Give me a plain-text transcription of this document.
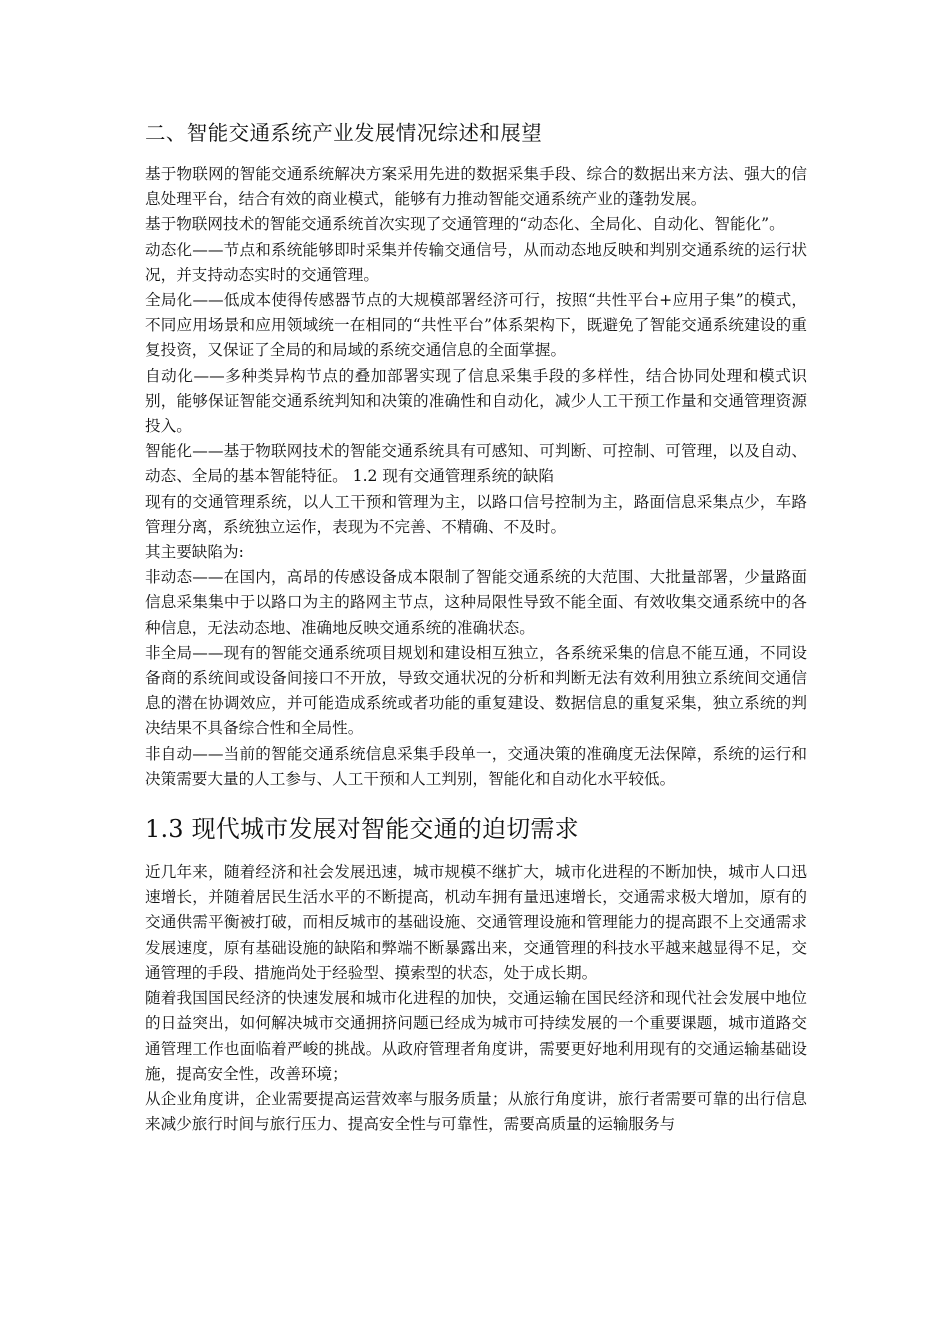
二、智能交通系统产业发展情况综述和展望

基于物联网的智能交通系统解决方案采用先进的数据采集手段、综合的数据出来方法、强大的信息处理平台，结合有效的商业模式，能够有力推动智能交通系统产业的蓬勃发展。

基于物联网技术的智能交通系统首次实现了交通管理的“动态化、全局化、自动化、智能化”。

动态化——节点和系统能够即时采集并传输交通信号，从而动态地反映和判别交通系统的运行状况，并支持动态实时的交通管理。

全局化——低成本使得传感器节点的大规模部署经济可行，按照“共性平台+应用子集”的模式，不同应用场景和应用领域统一在相同的“共性平台”体系架构下，既避免了智能交通系统建设的重复投资，又保证了全局的和局域的系统交通信息的全面掌握。

自动化——多种类异构节点的叠加部署实现了信息采集手段的多样性，结合协同处理和模式识别，能够保证智能交通系统判知和决策的准确性和自动化，减少人工干预工作量和交通管理资源投入。

智能化——基于物联网技术的智能交通系统具有可感知、可判断、可控制、可管理，以及自动、动态、全局的基本智能特征。 1.2 现有交通管理系统的缺陷

现有的交通管理系统，以人工干预和管理为主，以路口信号控制为主，路面信息采集点少，车路管理分离，系统独立运作，表现为不完善、不精确、不及时。

其主要缺陷为:

非动态——在国内，高昂的传感设备成本限制了智能交通系统的大范围、大批量部署，少量路面信息采集集中于以路口为主的路网主节点，这种局限性导致不能全面、有效收集交通系统中的各种信息，无法动态地、准确地反映交通系统的准确状态。

非全局——现有的智能交通系统项目规划和建设相互独立，各系统采集的信息不能互通，不同设备商的系统间或设备间接口不开放，导致交通状况的分析和判断无法有效利用独立系统间交通信息的潜在协调效应，并可能造成系统或者功能的重复建设、数据信息的重复采集，独立系统的判决结果不具备综合性和全局性。

非自动——当前的智能交通系统信息采集手段单一，交通决策的准确度无法保障，系统的运行和决策需要大量的人工参与、人工干预和人工判别，智能化和自动化水平较低。

1.3 现代城市发展对智能交通的迫切需求

近几年来，随着经济和社会发展迅速，城市规模不继扩大，城市化进程的不断加快，城市人口迅速增长，并随着居民生活水平的不断提高，机动车拥有量迅速增长，交通需求极大增加，原有的交通供需平衡被打破，而相反城市的基础设施、交通管理设施和管理能力的提高跟不上交通需求发展速度，原有基础设施的缺陷和弊端不断暴露出来，交通管理的科技水平越来越显得不足，交通管理的手段、措施尚处于经验型、摸索型的状态，处于成长期。

随着我国国民经济的快速发展和城市化进程的加快，交通运输在国民经济和现代社会发展中地位的日益突出，如何解决城市交通拥挤问题已经成为城市可持续发展的一个重要课题，城市道路交通管理工作也面临着严峻的挑战。从政府管理者角度讲，需要更好地利用现有的交通运输基础设施，提高安全性，改善环境；

从企业角度讲，企业需要提高运营效率与服务质量；从旅行角度讲，旅行者需要可靠的出行信息来减少旅行时间与旅行压力、提高安全性与可靠性，需要高质量的运输服务与
